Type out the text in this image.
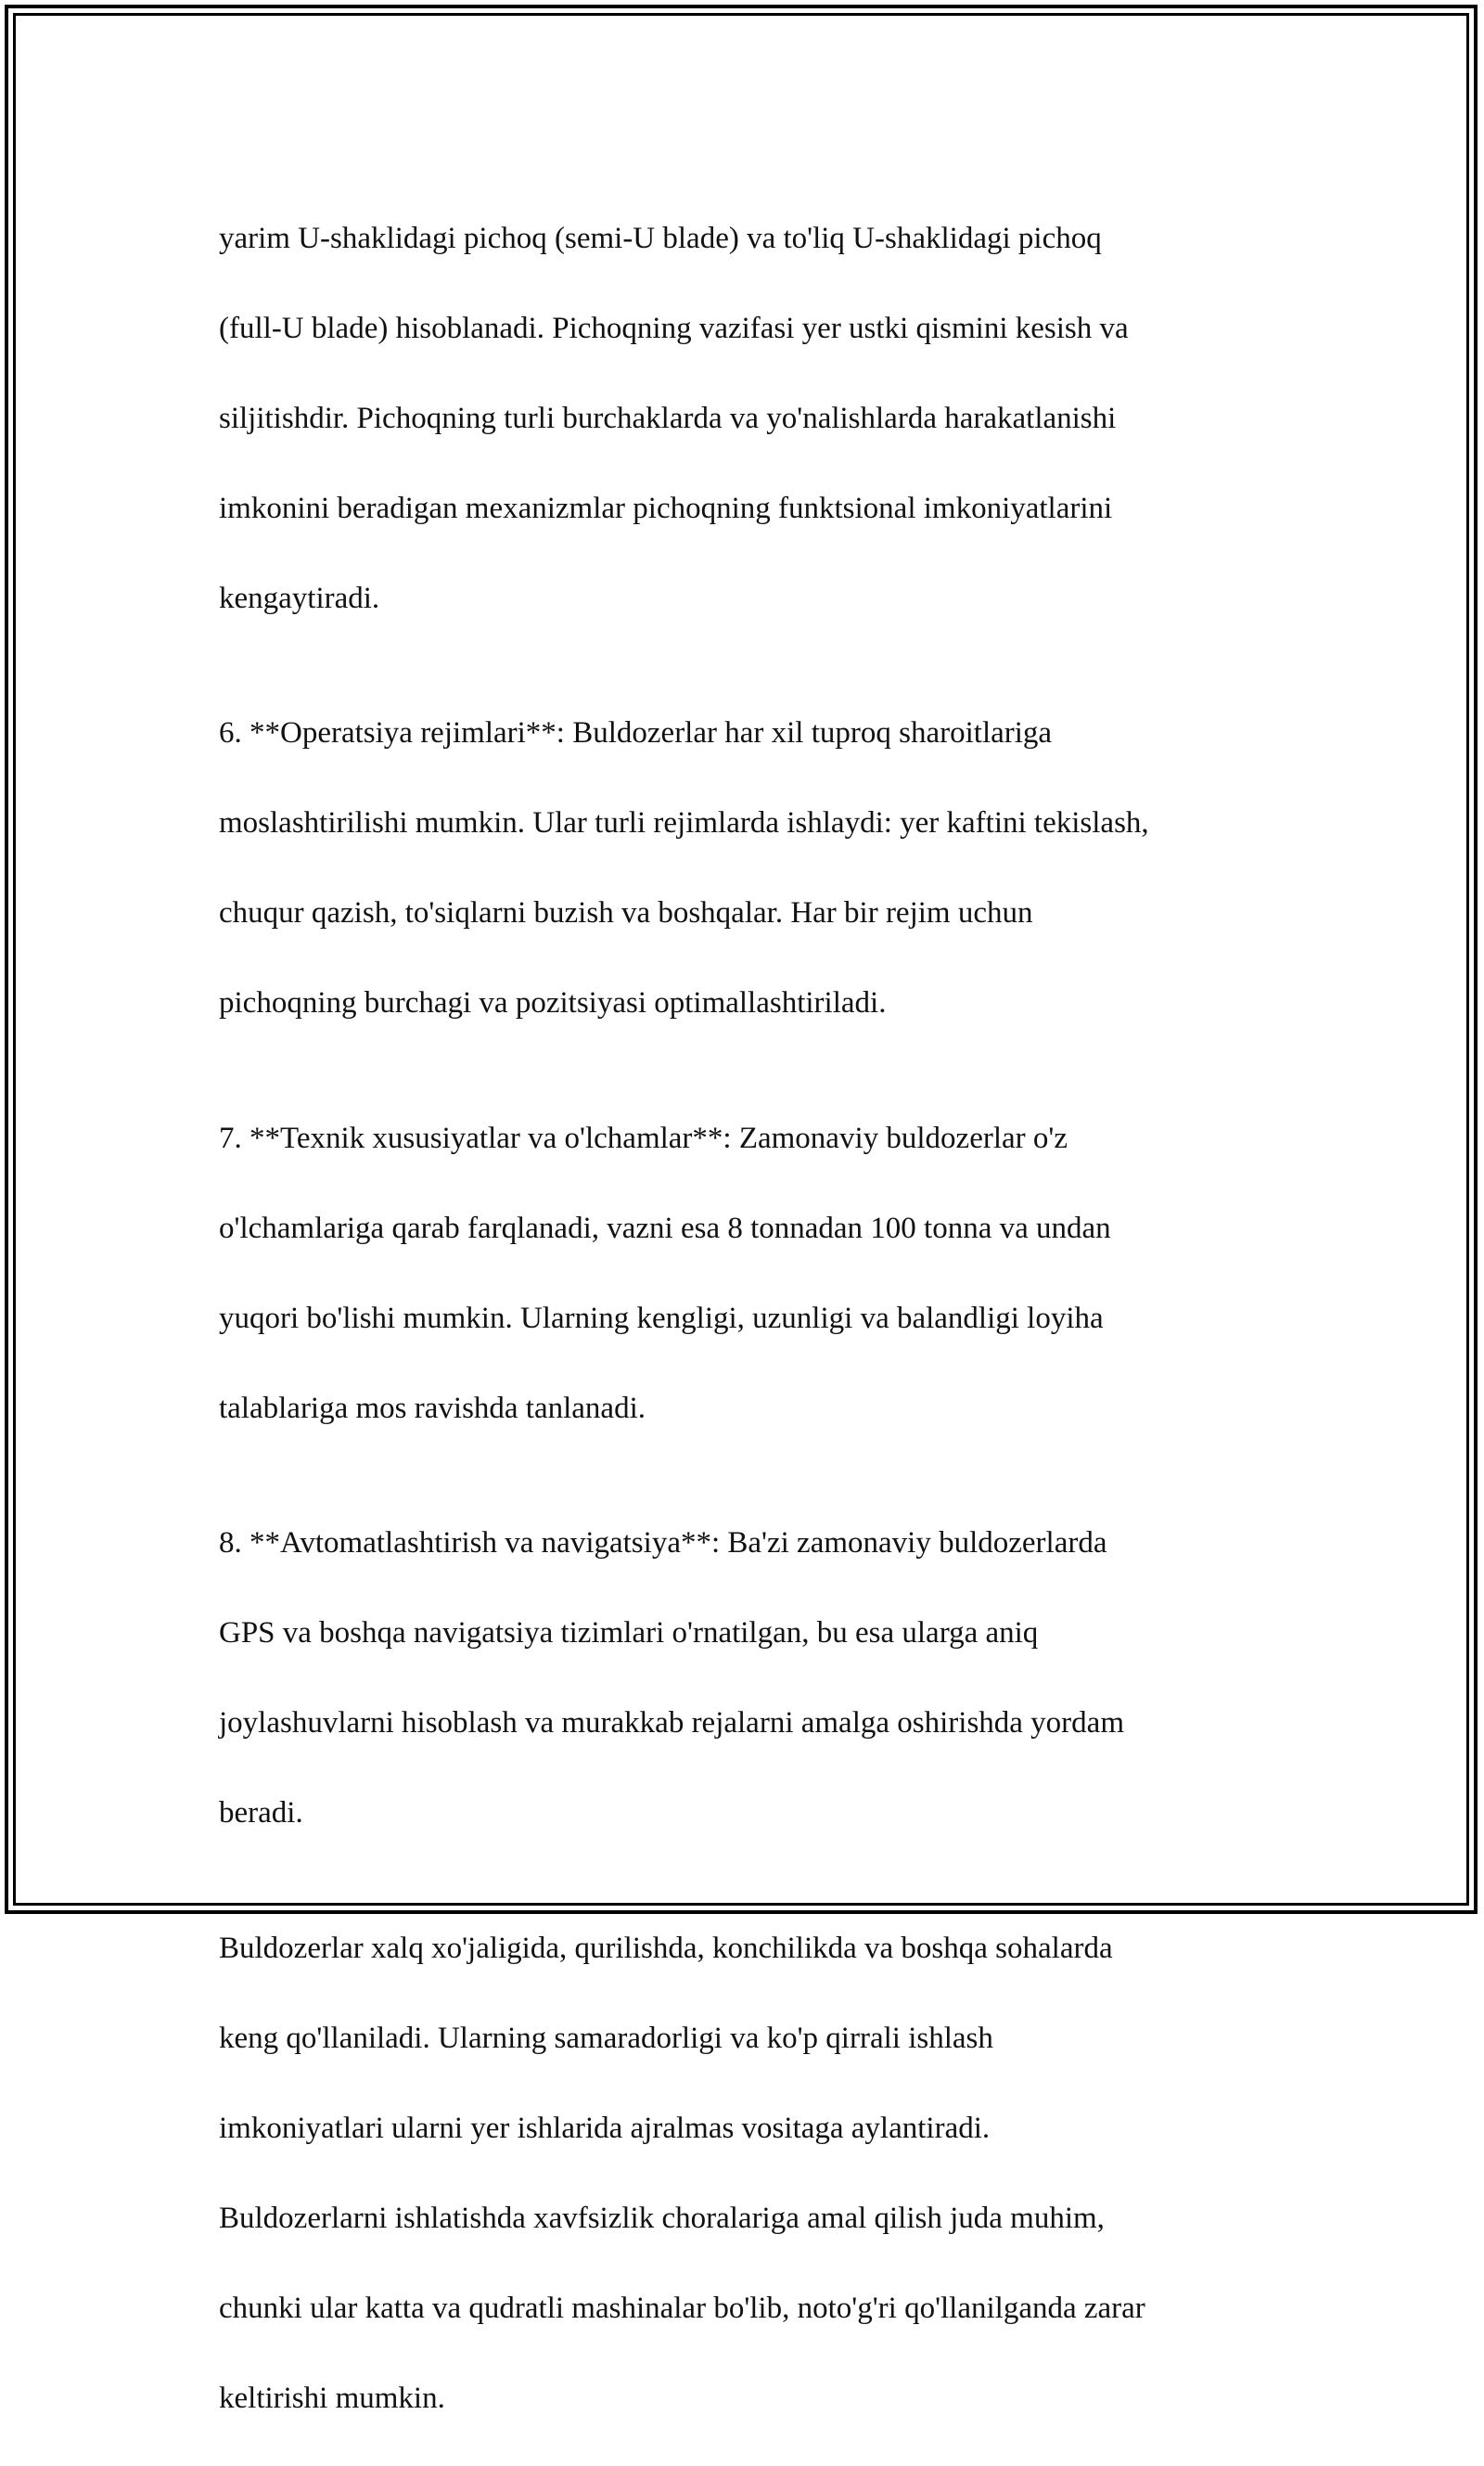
yarim U-shaklidagi pichoq (semi-U blade) va to'liq U-shaklidagi pichoq

(full-U blade) hisoblanadi. Pichoqning vazifasi yer ustki qismini kesish va

siljitishdir. Pichoqning turli burchaklarda va yo'nalishlarda harakatlanishi

imkonini beradigan mexanizmlar pichoqning funktsional imkoniyatlarini

kengaytiradi.

6. **Operatsiya rejimlari**: Buldozerlar har xil tuproq sharoitlariga

moslashtirilishi mumkin. Ular turli rejimlarda ishlaydi: yer kaftini tekislash,

chuqur qazish, to'siqlarni buzish va boshqalar. Har bir rejim uchun

pichoqning burchagi va pozitsiyasi optimallashtiriladi.

7. **Texnik xususiyatlar va o'lchamlar**: Zamonaviy buldozerlar o'z

o'lchamlariga qarab farqlanadi, vazni esa 8 tonnadan 100 tonna va undan

yuqori bo'lishi mumkin. Ularning kengligi, uzunligi va balandligi loyiha

talablariga mos ravishda tanlanadi.

8. **Avtomatlashtirish va navigatsiya**: Ba'zi zamonaviy buldozerlarda

GPS va boshqa navigatsiya tizimlari o'rnatilgan, bu esa ularga aniq

joylashuvlarni hisoblash va murakkab rejalarni amalga oshirishda yordam

beradi.

Buldozerlar xalq xo'jaligida, qurilishda, konchilikda va boshqa sohalarda

keng qo'llaniladi. Ularning samaradorligi va ko'p qirrali ishlash

imkoniyatlari ularni yer ishlarida ajralmas vositaga aylantiradi.

Buldozerlarni ishlatishda xavfsizlik choralariga amal qilish juda muhim,

chunki ular katta va qudratli mashinalar bo'lib, noto'g'ri qo'llanilganda zarar

keltirishi mumkin.
